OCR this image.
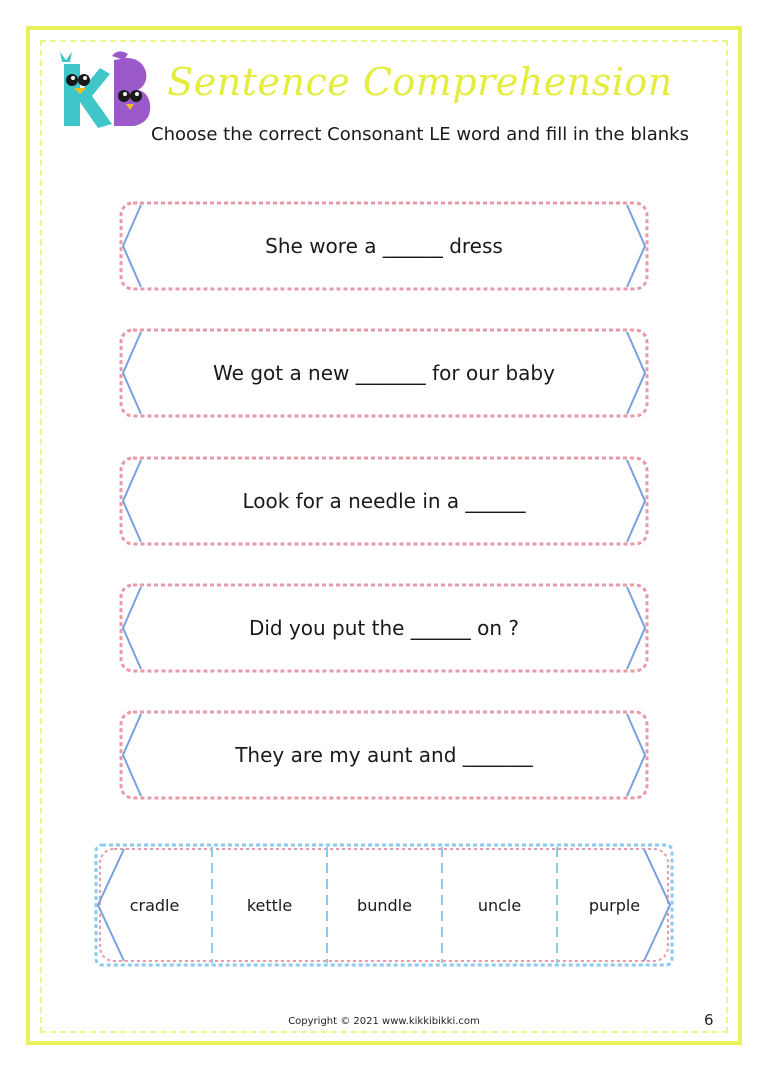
Sentence Comprehension
Choose the correct Consonant LE word and fill in the blanks
She wore a ______ dress
We got a new _______ for our baby
Look for a needle in a ______
Did you put the ______ on ?
They are my aunt and _______
cradle	kettle	bundle	uncle	purple
Copyright © 2021 www.kikkibikki.com	6
